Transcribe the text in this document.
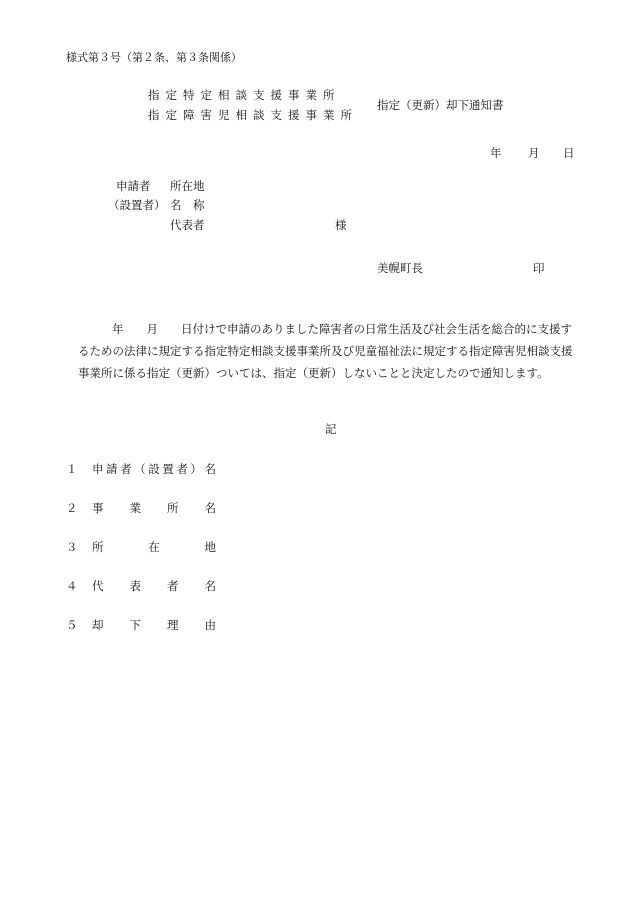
様式第３号（第２条、第３条関係）
指定特定相談支援事業所
指定障害児相談支援事業所
指定（更新）却下通知書
年 月 日
申請者
（設置者）
所在地
名　称
代表者	様
美幌町長	印
年　　月　　日付けで申請のありました障害者の日常生活及び社会生活を総合的に支援するための法律に規定する指定特定相談支援事業所及び児童福祉法に規定する指定障害児相談支援事業所に係る指定（更新）ついては、指定（更新）しないことと決定したので通知します。
記
１ 申請者（設置者）名
２ 事業所名
３ 所在地
４ 代表者名
５ 却下理由
